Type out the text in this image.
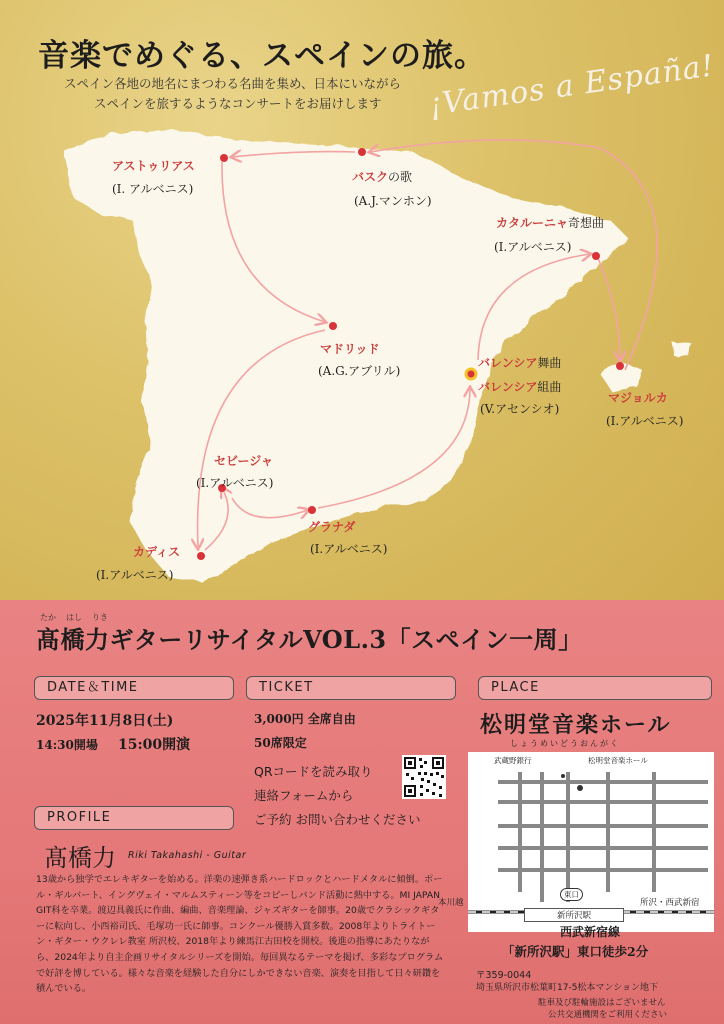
音楽でめぐる、スペインの旅。
スペイン各地の地名にまつわる名曲を集め、日本にいながら
スペインを旅するようなコンサートをお届けします ¡Vamos a España!
アストゥリアス
(I. アルベニス)
バスクの歌
(A.J.マンホン)
カタルーニャ奇想曲
(I.アルベニス)
マドリッド
(A.G.アブリル)
バレンシア舞曲
バレンシア組曲
(V.アセンシオ)
マジョルカ
(I.アルベニス)
セビージャ
(I.アルベニス)
グラナダ
(I.アルベニス)
カディス
(I.アルベニス)
たか はし りき
髙橋力ギターリサイタルVOL.3「スペイン一周」
DATE＆TIME
2025年11月8日(土)
14:30開場 15:00開演
TICKET
3,000円 全席自由
50席限定
QRコードを読み取り
連絡フォームから
ご予約 お問い合わせください
PLACE
松明堂音楽ホール
しょうめいどうおんがく
武蔵野銀行	松明堂音楽ホール
東口
本川越	所沢・西武新宿
新所沢駅
西武新宿線
「新所沢駅」東口徒歩2分
〒359-0044
埼玉県所沢市松葉町17-5松本マンション地下
駐車及び駐輪施設はございません
公共交通機関をご利用ください
PROFILE
髙橋力 Riki Takahashi - Guitar
13歳から独学でエレキギターを始める。洋楽の速弾き系ハードロックとハードメタルに傾倒。ポール・ギルバート、イングヴェイ・マルムスティーン等をコピーしバンド活動に熱中する。MI JAPAN GIT科を卒業。渡辺具義氏に作曲、編曲、音楽理論、ジャズギターを師事。20歳でクラシックギターに転向し、小西裕司氏、毛塚功一氏に師事。コンクール優勝入賞多数。2008年よりトライトーン・ギター・ウクレレ教室 所沢校、2018年より練馬江古田校を開校。後進の指導にあたりながら、2024年より自主企画リサイタルシリーズを開始。毎回異なるテーマを掲げ、多彩なプログラムで好評を博している。様々な音楽を経験した自分にしかできない音楽、演奏を目指して日々研鑽を積んでいる。
